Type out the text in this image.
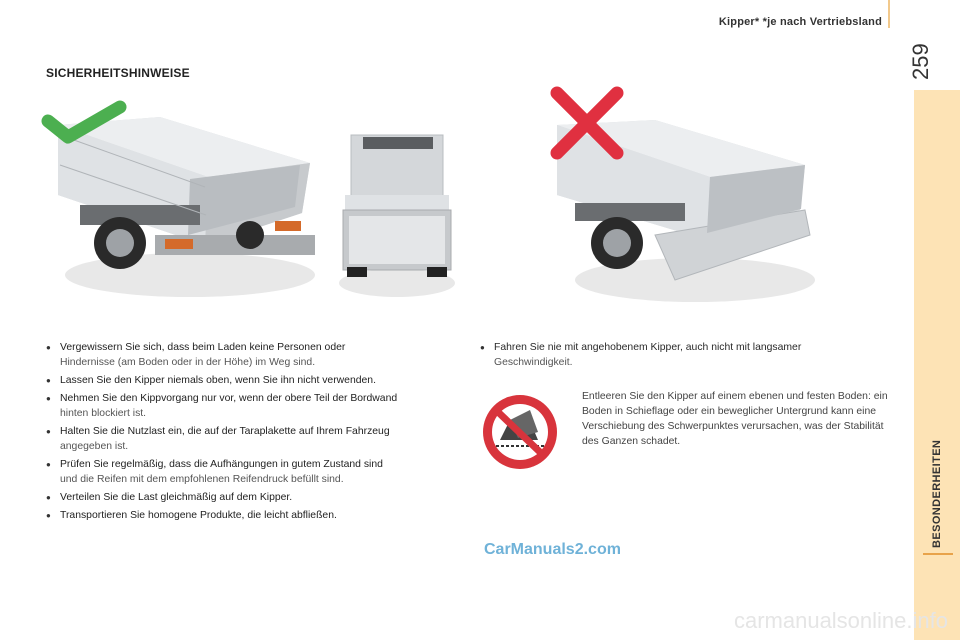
Kipper* *je nach Vertriebsland
259
BESONDERHEITEN
SICHERHEITSHINWEISE
● Vergewissern Sie sich, dass beim Laden keine Personen oder
Hindernisse (am Boden oder in der Höhe) im Weg sind.
● Lassen Sie den Kipper niemals oben, wenn Sie ihn nicht verwenden.
● Nehmen Sie den Kippvorgang nur vor, wenn der obere Teil der Bordwand
hinten blockiert ist.
● Halten Sie die Nutzlast ein, die auf der Taraplakette auf Ihrem Fahrzeug
angegeben ist.
● Prüfen Sie regelmäßig, dass die Aufhängungen in gutem Zustand sind
und die Reifen mit dem empfohlenen Reifendruck befüllt sind.
● Verteilen Sie die Last gleichmäßig auf dem Kipper.
● Transportieren Sie homogene Produkte, die leicht abfließen.
● Fahren Sie nie mit angehobenem Kipper, auch nicht mit langsamer
Geschwindigkeit.
Entleeren Sie den Kipper auf einem ebenen und festen Boden: ein Boden in Schieflage oder ein beweglicher Untergrund kann eine Verschiebung des Schwerpunktes verursachen, was der Stabilität des Ganzen schadet.
CarManuals2.com
carmanualsonline.info
